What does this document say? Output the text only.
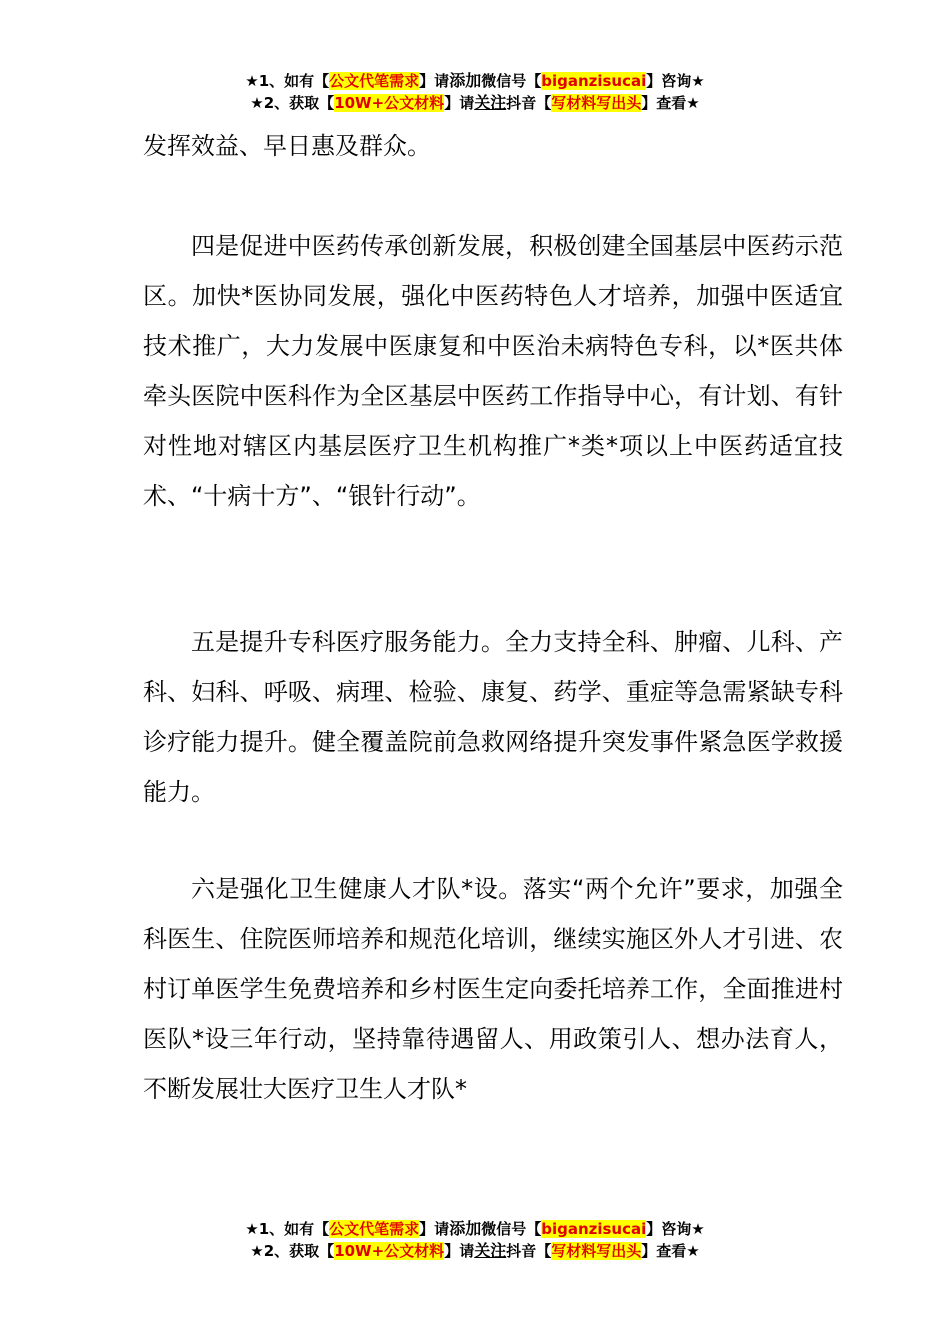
★1、如有【公文代笔需求】请添加微信号【biganzisucai】咨询★
★2、获取【10W+公文材料】请关注抖音【写材料写出头】查看★

发挥效益、早日惠及群众。

四是促进中医药传承创新发展，积极创建全国基层中医药示范区。加快*医协同发展，强化中医药特色人才培养，加强中医适宜技术推广，大力发展中医康复和中医治未病特色专科，以*医共体牵头医院中医科作为全区基层中医药工作指导中心，有计划、有针对性地对辖区内基层医疗卫生机构推广*类*项以上中医药适宜技术、“十病十方”、“银针行动”。

五是提升专科医疗服务能力。全力支持全科、肿瘤、儿科、产科、妇科、呼吸、病理、检验、康复、药学、重症等急需紧缺专科诊疗能力提升。健全覆盖院前急救网络提升突发事件紧急医学救援能力。

六是强化卫生健康人才队*设。落实“两个允许”要求，加强全科医生、住院医师培养和规范化培训，继续实施区外人才引进、农村订单医学生免费培养和乡村医生定向委托培养工作，全面推进村医队*设三年行动，坚持靠待遇留人、用政策引人、想办法育人，不断发展壮大医疗卫生人才队*

★1、如有【公文代笔需求】请添加微信号【biganzisucai】咨询★
★2、获取【10W+公文材料】请关注抖音【写材料写出头】查看★
